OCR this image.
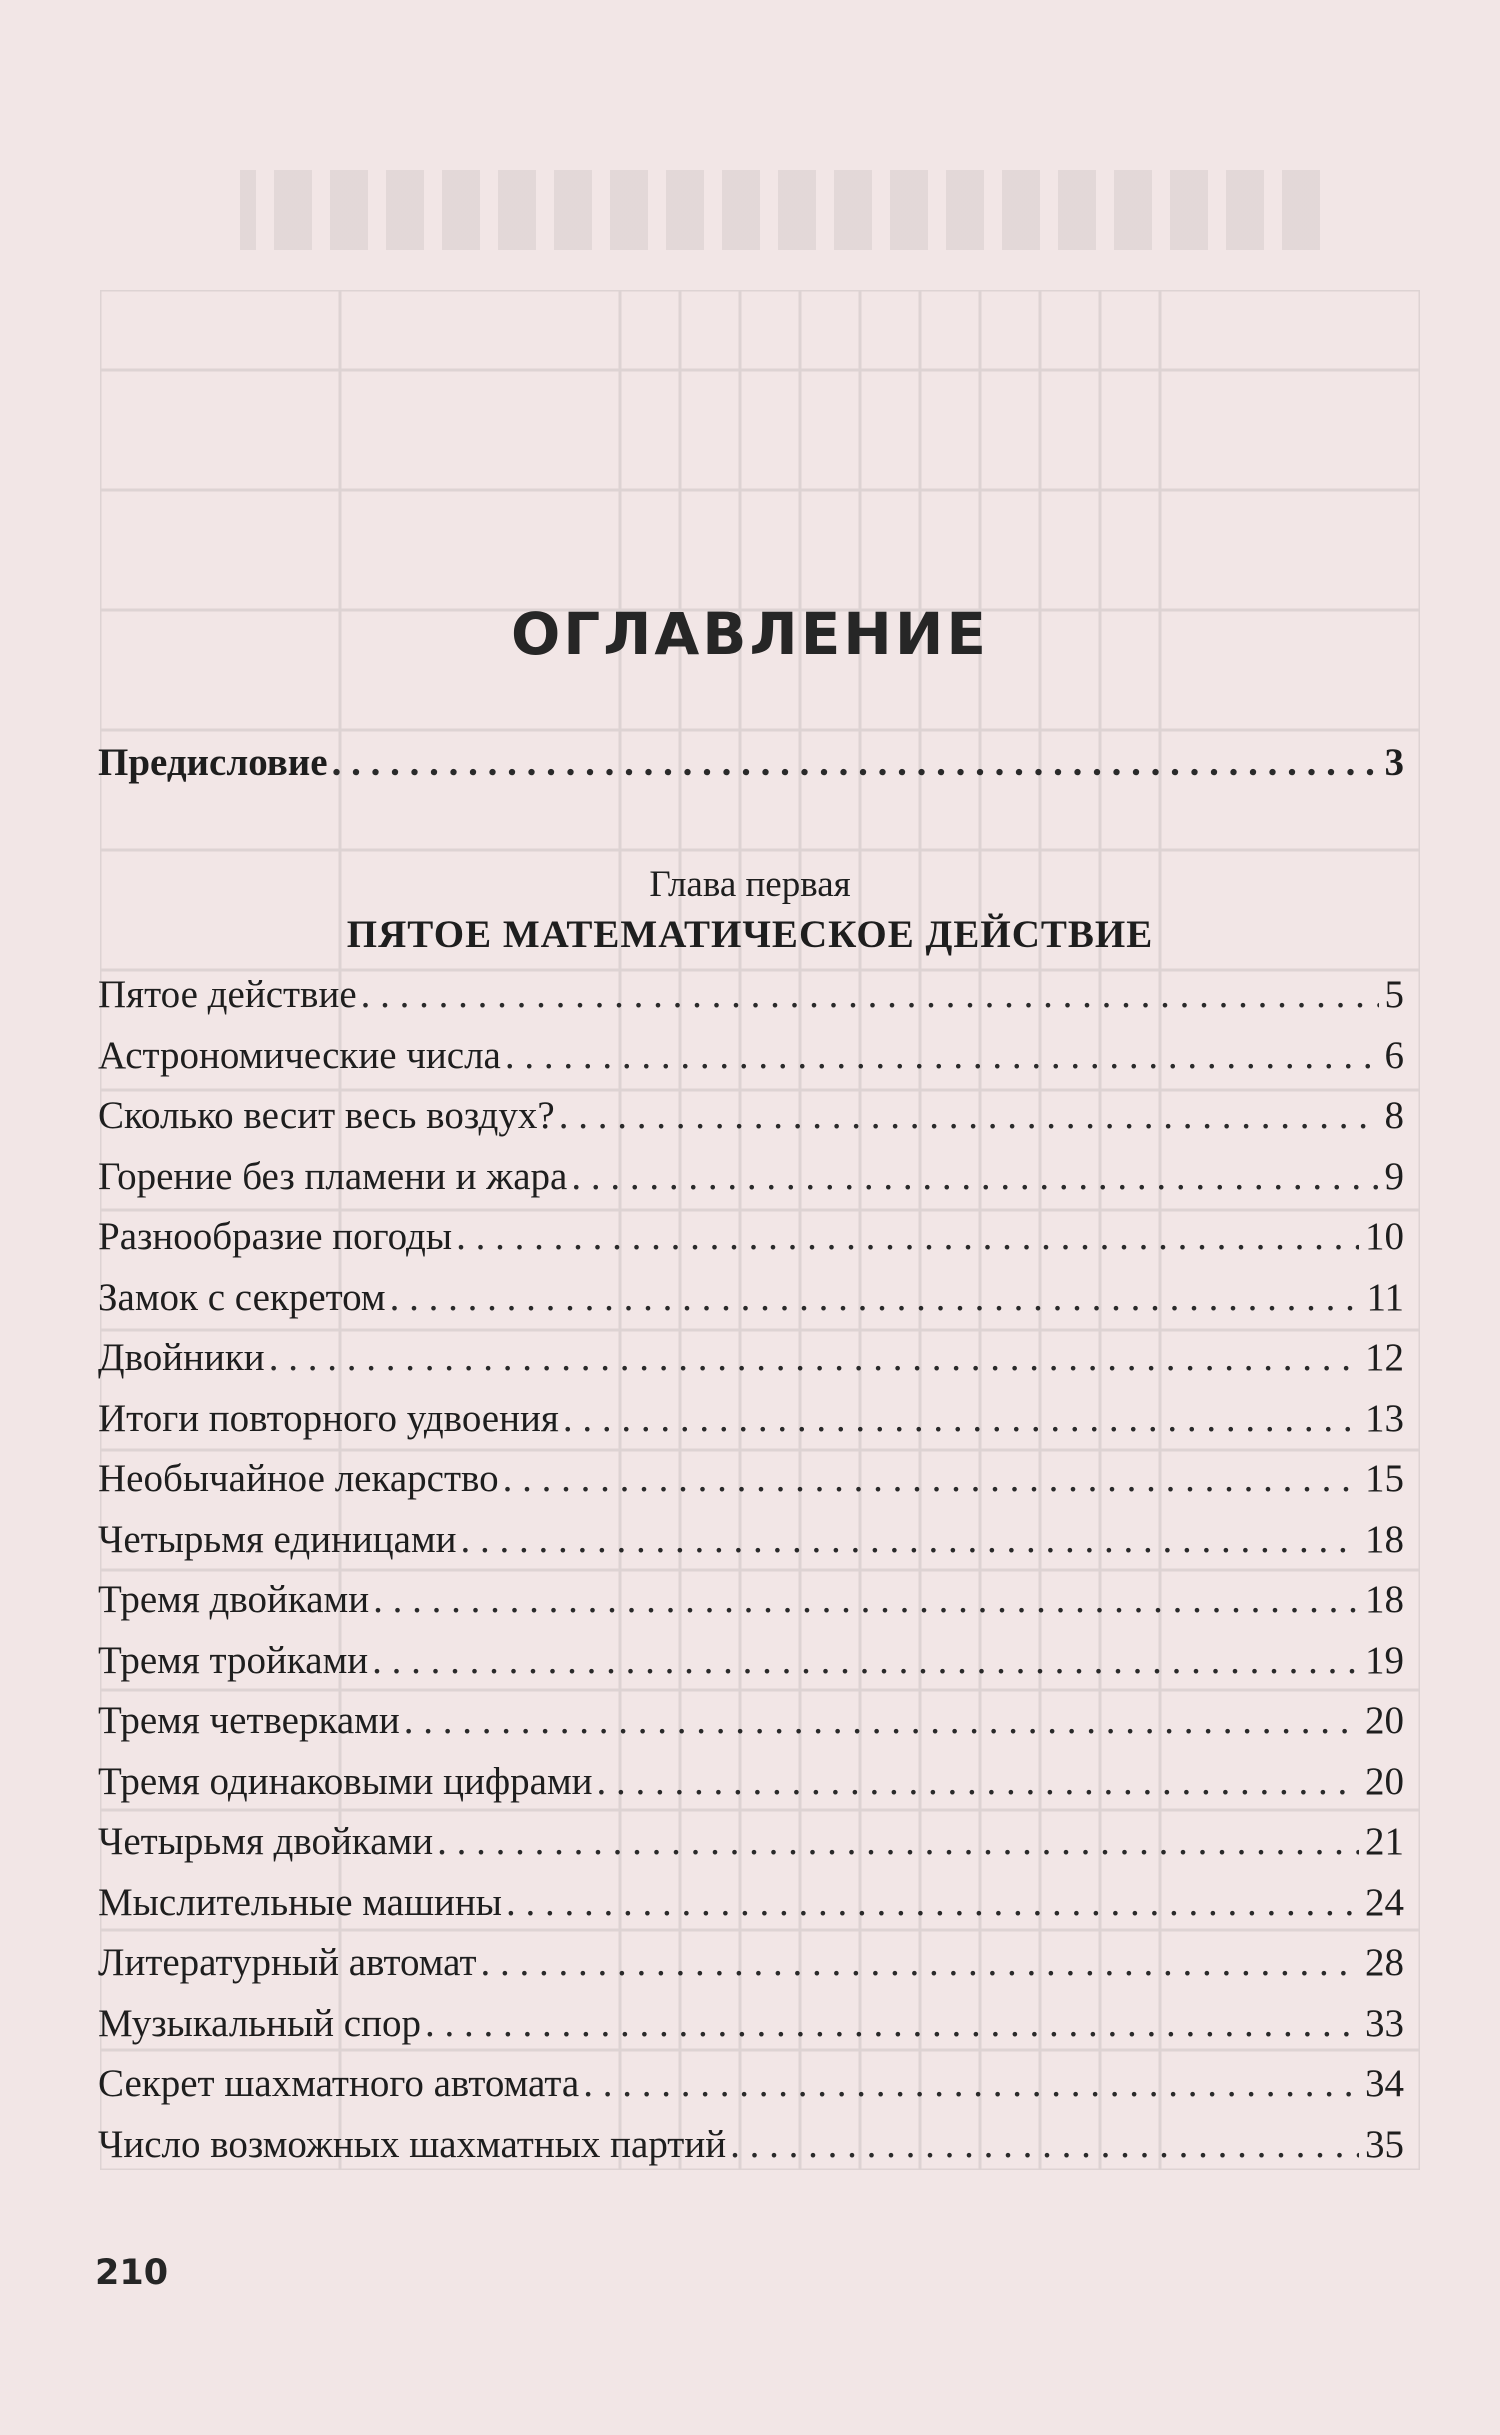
ОГЛАВЛЕНИЕ
Предисловие . . .	3
Глава первая
ПЯТОЕ МАТЕМАТИЧЕСКОЕ ДЕЙСТВИЕ
Пятое действие . . .	5
Астрономические числа . . .	6
Сколько весит весь воздух? . . .	8
Горение без пламени и жара . . .	9
Разнообразие погоды . . .	10
Замок с секретом . . .	11
Двойники . . .	12
Итоги повторного удвоения . . .	13
Необычайное лекарство . . .	15
Четырьмя единицами . . .	18
Тремя двойками . . .	18
Тремя тройками . . .	19
Тремя четверками . . .	20
Тремя одинаковыми цифрами . . .	20
Четырьмя двойками . . .	21
Мыслительные машины . . .	24
Литературный автомат . . .	28
Музыкальный спор . . .	33
Секрет шахматного автомата . . .	34
Число возможных шахматных партий . . .	35
210
